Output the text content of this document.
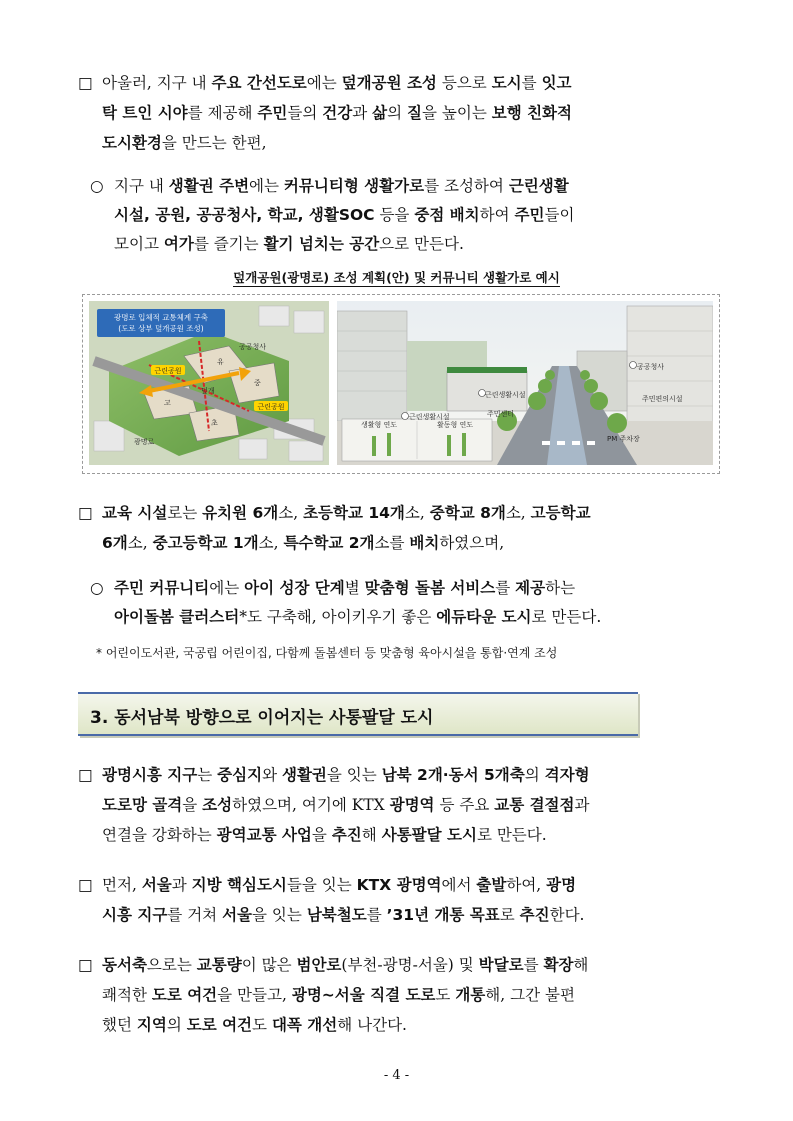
□ 아울러, 지구 내 주요 간선도로에는 덮개공원 조성 등으로 도시를 잇고
탁 트인 시야를 제공해 주민들의 건강과 삶의 질을 높이는 보행 친화적
도시환경을 만드는 한편,
○ 지구 내 생활권 주변에는 커뮤니티형 생활가로를 조성하여 근린생활
시설, 공원, 공공청사, 학교, 생활SOC 등을 중점 배치하여 주민들이
모이고 여가를 즐기는 활기 넘치는 공간으로 만든다.
덮개공원(광명로) 조성 계획(안) 및 커뮤니티 생활가로 예시
광명로 입체적 교통체계 구축
(도로 상부 덮개공원 조성)
공공청사
유
중
고
초
근린공원
근린공원
덮개
광명로
생활형 연도	활동형 연도
근린생활시설
근린생활시설	주민센터
PM 주차장
주민편의시설
공공청사
□ 교육 시설로는 유치원 6개소, 초등학교 14개소, 중학교 8개소, 고등학교
6개소, 중고등학교 1개소, 특수학교 2개소를 배치하였으며,
○ 주민 커뮤니티에는 아이 성장 단계별 맞춤형 돌봄 서비스를 제공하는
아이돌봄 클러스터*도 구축해, 아이키우기 좋은 에듀타운 도시로 만든다.
* 어린이도서관, 국공립 어린이집, 다함께 돌봄센터 등 맞춤형 육아시설을 통합·연계 조성
3. 동서남북 방향으로 이어지는 사통팔달 도시
□ 광명시흥 지구는 중심지와 생활권을 잇는 남북 2개·동서 5개축의 격자형
도로망 골격을 조성하였으며, 여기에 KTX 광명역 등 주요 교통 결절점과
연결을 강화하는 광역교통 사업을 추진해 사통팔달 도시로 만든다.
□ 먼저, 서울과 지방 핵심도시들을 잇는 KTX 광명역에서 출발하여, 광명
시흥 지구를 거쳐 서울을 잇는 남북철도를 ’31년 개통 목표로 추진한다.
□ 동서축으로는 교통량이 많은 범안로(부천-광명-서울) 및 박달로를 확장해
쾌적한 도로 여건을 만들고, 광명~서울 직결 도로도 개통해, 그간 불편
했던 지역의 도로 여건도 대폭 개선해 나간다.
- 4 -
